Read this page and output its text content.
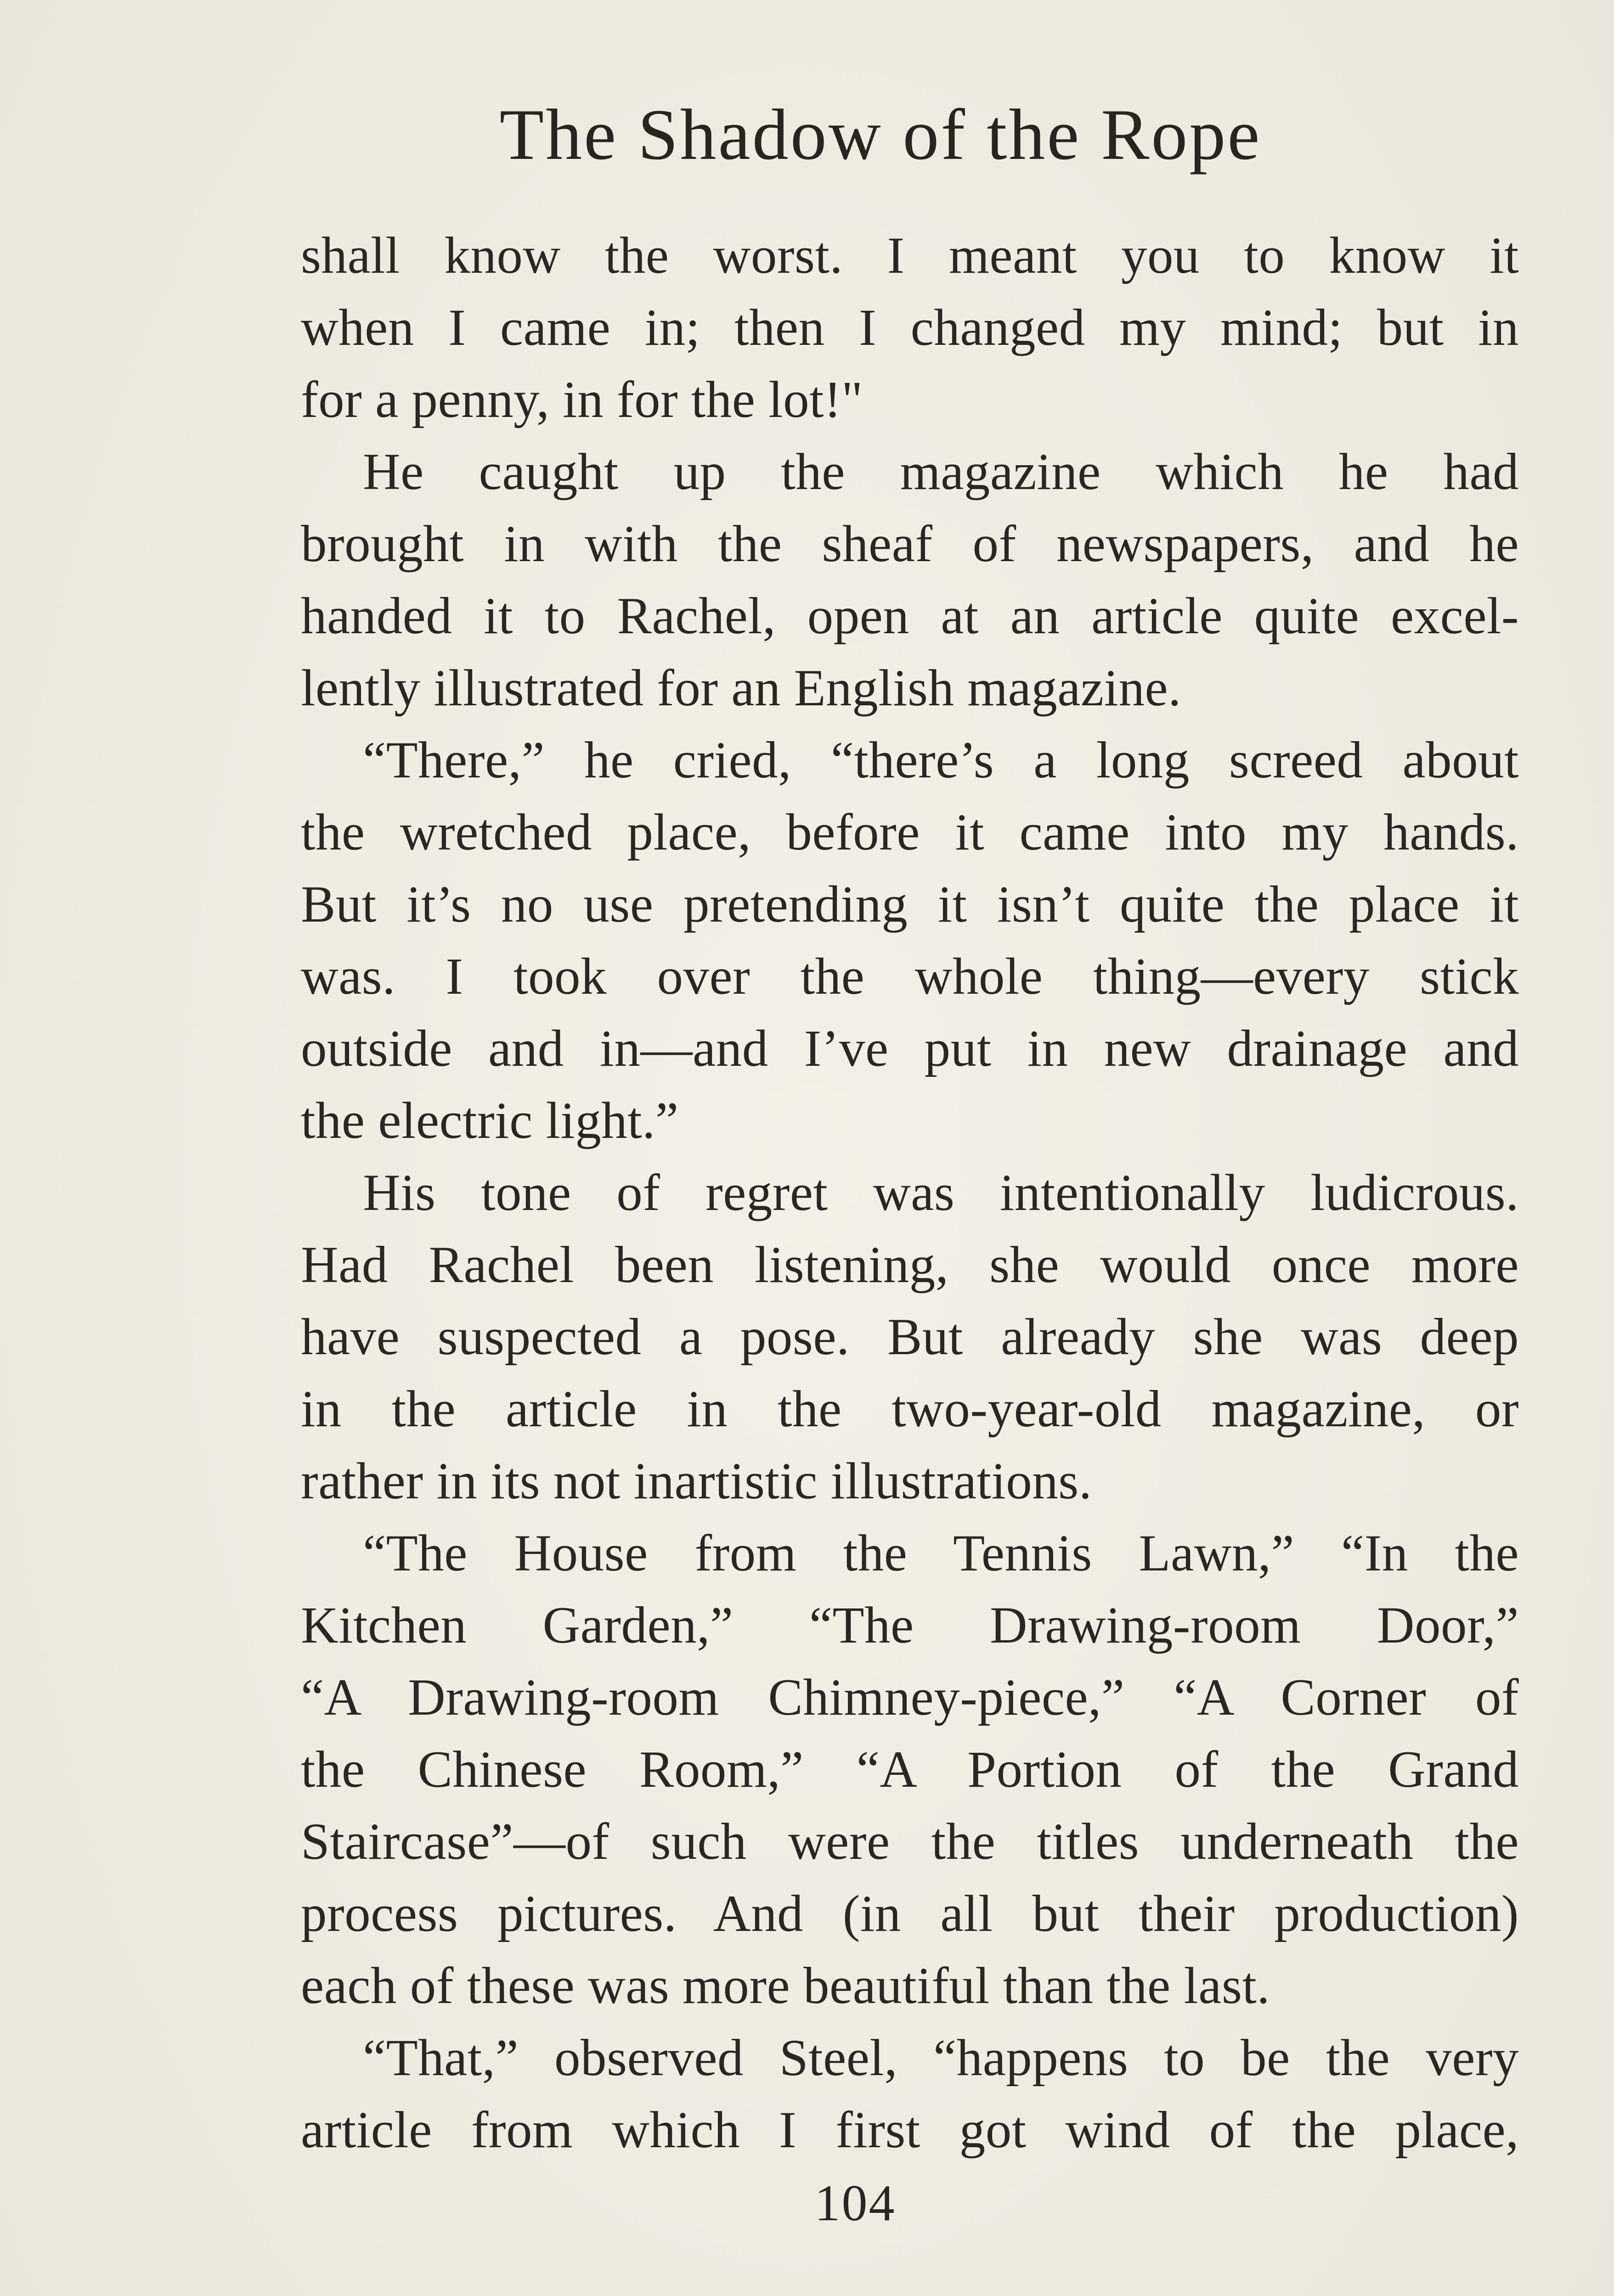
The Shadow of the Rope
shall know the worst. I meant you to know it
when I came in; then I changed my mind; but in
for a penny, in for the lot!"
He caught up the magazine which he had
brought in with the sheaf of newspapers, and he
handed it to Rachel, open at an article quite excel-
lently illustrated for an English magazine.
“There,” he cried, “there’s a long screed about
the wretched place, before it came into my hands.
But it’s no use pretending it isn’t quite the place it
was. I took over the whole thing—every stick
outside and in—and I’ve put in new drainage and
the electric light.”
His tone of regret was intentionally ludicrous.
Had Rachel been listening, she would once more
have suspected a pose. But already she was deep
in the article in the two-year-old magazine, or
rather in its not inartistic illustrations.
“The House from the Tennis Lawn,” “In the
Kitchen Garden,” “The Drawing-room Door,”
“A Drawing-room Chimney-piece,” “A Corner of
the Chinese Room,” “A Portion of the Grand
Staircase”—of such were the titles underneath the
process pictures. And (in all but their production)
each of these was more beautiful than the last.
“That,” observed Steel, “happens to be the very
article from which I first got wind of the place,
104
